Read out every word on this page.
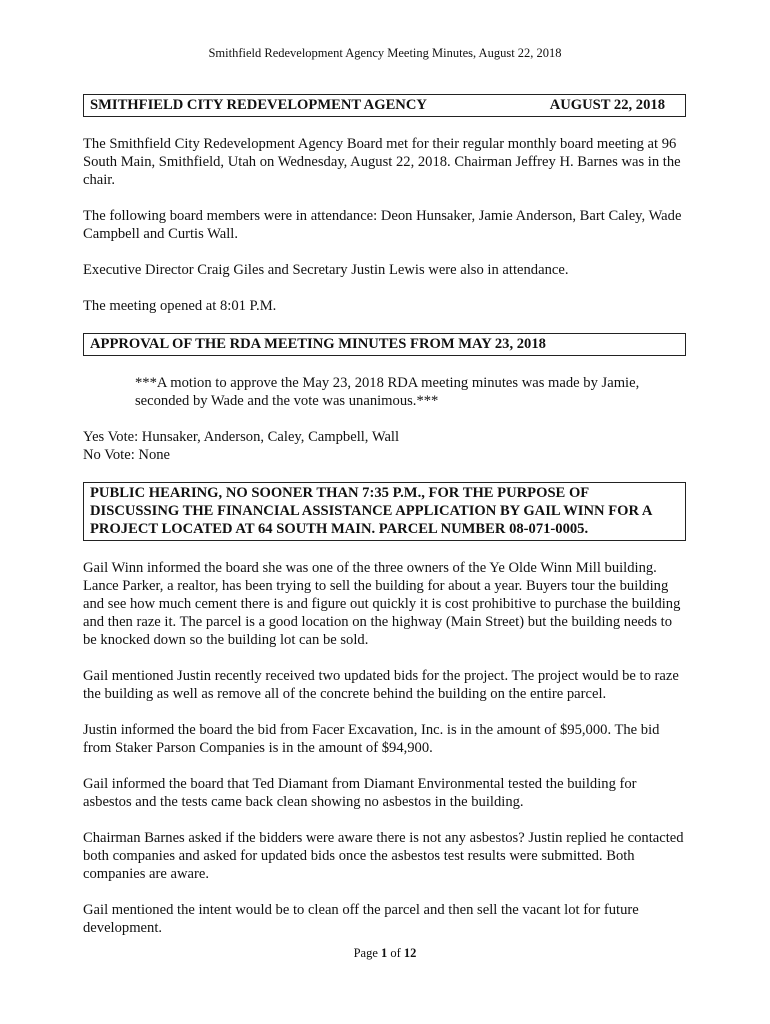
Smithfield Redevelopment Agency Meeting Minutes, August 22, 2018
SMITHFIELD CITY REDEVELOPMENT AGENCY	AUGUST 22, 2018

The Smithfield City Redevelopment Agency Board met for their regular monthly board meeting at 96 South Main, Smithfield, Utah on Wednesday, August 22, 2018. Chairman Jeffrey H. Barnes was in the chair.

The following board members were in attendance: Deon Hunsaker, Jamie Anderson, Bart Caley, Wade Campbell and Curtis Wall.

Executive Director Craig Giles and Secretary Justin Lewis were also in attendance.

The meeting opened at 8:01 P.M.

APPROVAL OF THE RDA MEETING MINUTES FROM MAY 23, 2018

***A motion to approve the May 23, 2018 RDA meeting minutes was made by Jamie, seconded by Wade and the vote was unanimous.***

Yes Vote: Hunsaker, Anderson, Caley, Campbell, Wall

No Vote: None

PUBLIC HEARING, NO SOONER THAN 7:35 P.M., FOR THE PURPOSE OF DISCUSSING THE FINANCIAL ASSISTANCE APPLICATION BY GAIL WINN FOR A PROJECT LOCATED AT 64 SOUTH MAIN. PARCEL NUMBER 08-071-0005.

Gail Winn informed the board she was one of the three owners of the Ye Olde Winn Mill building. Lance Parker, a realtor, has been trying to sell the building for about a year. Buyers tour the building and see how much cement there is and figure out quickly it is cost prohibitive to purchase the building and then raze it. The parcel is a good location on the highway (Main Street) but the building needs to be knocked down so the building lot can be sold.

Gail mentioned Justin recently received two updated bids for the project. The project would be to raze the building as well as remove all of the concrete behind the building on the entire parcel.

Justin informed the board the bid from Facer Excavation, Inc. is in the amount of $95,000. The bid from Staker Parson Companies is in the amount of $94,900.

Gail informed the board that Ted Diamant from Diamant Environmental tested the building for asbestos and the tests came back clean showing no asbestos in the building.

Chairman Barnes asked if the bidders were aware there is not any asbestos? Justin replied he contacted both companies and asked for updated bids once the asbestos test results were submitted. Both companies are aware.

Gail mentioned the intent would be to clean off the parcel and then sell the vacant lot for future development.

Page 1 of 12
